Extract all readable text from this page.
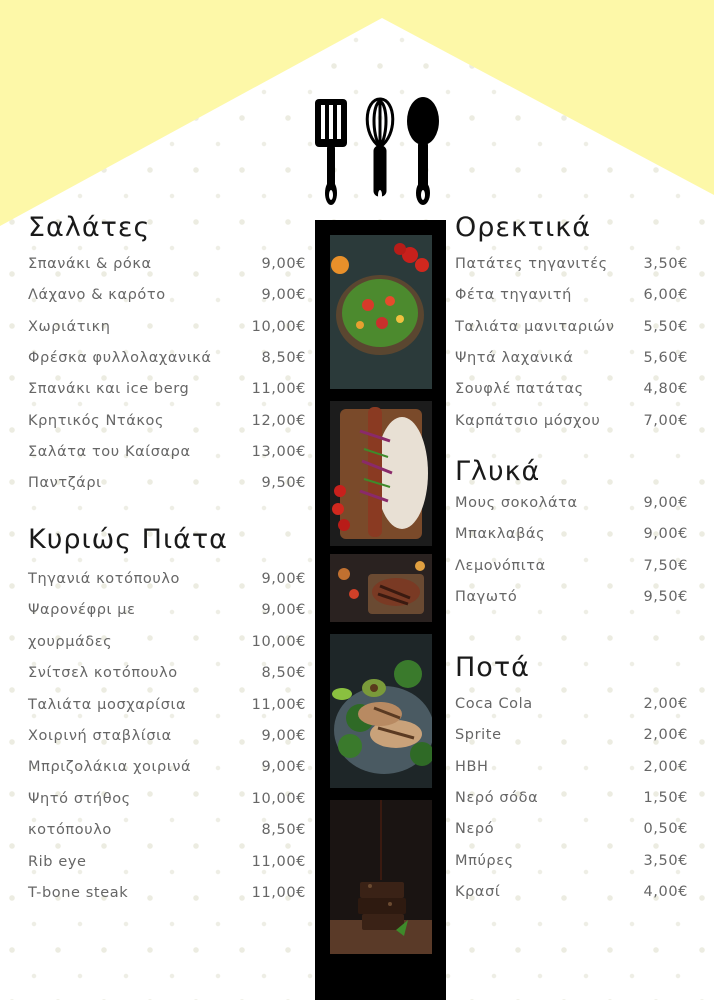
Σαλάτες
Σπανάκι & ρόκα	9,00€
Λάχανο & καρότο	9,00€
Χωριάτικη	10,00€
Φρέσκα φυλλολαχανικά	8,50€
Σπανάκι και ice berg	11,00€
Κρητικός Ντάκος	12,00€
Σαλάτα του Καίσαρα	13,00€
Παντζάρι	9,50€
Κυριώς Πιάτα
Τηγανιά κοτόπουλο	9,00€
Ψαρονέφρι με	9,00€
χουρμάδες	10,00€
Σνίτσελ κοτόπουλο	8,50€
Ταλιάτα μοσχαρίσια	11,00€
Χοιρινή σταβλίσια	9,00€
Μπριζολάκια χοιρινά	9,00€
Ψητό στήθος	10,00€
κοτόπουλο	8,50€
Rib eye	11,00€
T-bone steak	11,00€
Ορεκτικά
Πατάτες τηγανιτές 3,50€
Φέτα τηγανιτή	6,00€
Ταλιάτα μανιταριών 5,50€
Ψητά λαχανικά	5,60€
Σουφλέ πατάτας	4,80€
Καρπάτσιο μόσχου	7,00€
Γλυκά
Μους σοκολάτα	9,00€
Μπακλαβάς	9,00€
Λεμονόπιτα	7,50€
Παγωτό	9,50€
Ποτά
Coca Cola	2,00€
Sprite	2,00€
HBH	2,00€
Νερό σόδα	1,50€
Νερό	0,50€
Μπύρες	3,50€
Κρασί	4,00€
